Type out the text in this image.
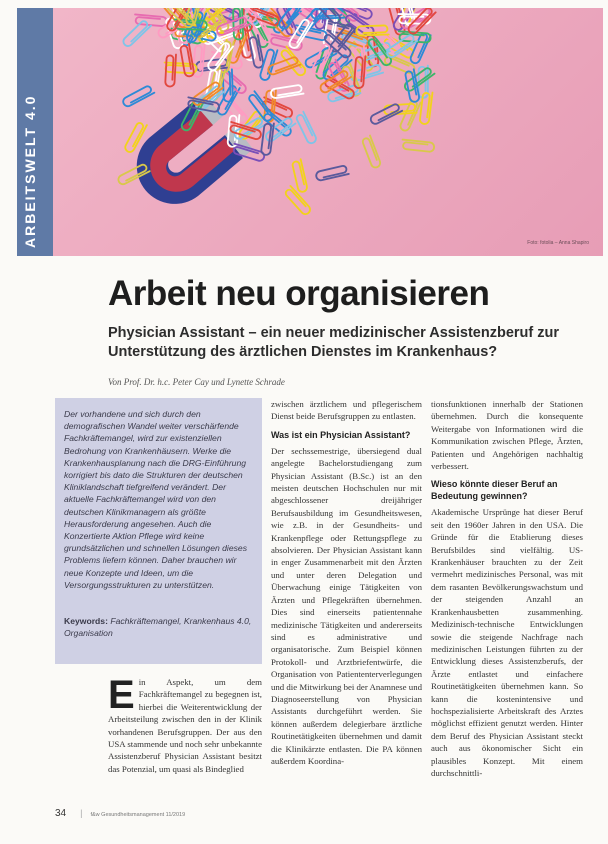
ARBEITSWELT 4.0	Foto: fotolia – Anna Shapiro
Arbeit neu organisieren
Physician Assistant – ein neuer medizinischer Assistenzberuf zur Unterstützung des ärztlichen Dienstes im Krankenhaus?
Von Prof. Dr. h.c. Peter Cay und Lynette Schrade
Der vorhandene und sich durch den demografischen Wandel weiter verschärfende Fachkräftemangel, wird zur existenziellen Bedrohung von Krankenhäusern. Werke die Krankenhausplanung nach die DRG-Einführung korrigiert bis dato die Strukturen der deutschen Kliniklandschaft tiefgreifend verändert. Der aktuelle Fachkräftemangel wird von den deutschen Klinikmanagern als größte Herausforderung angesehen. Auch die Konzertierte Aktion Pflege wird keine grundsätzlichen und schnellen Lösungen dieses Problems liefern können. Daher brauchen wir neue Konzepte und Ideen, um die Versorgungsstrukturen zu unterstützen.
Keywords: Fachkräftemangel, Krankenhaus 4.0, Organisation

Ein Aspekt, um dem Fachkräftemangel zu begegnen ist, hierbei die Weiterentwicklung der Arbeitsteilung zwischen den in der Klinik vorhandenen Berufsgruppen. Der aus den USA stammende und noch sehr unbekannte Assistenzberuf Physician Assistant besitzt das Potenzial, um quasi als Bindeglied

zwischen ärztlichem und pflegerischem Dienst beide Berufsgruppen zu entlasten.

Was ist ein Physician Assistant?

Der sechssemestrige, übersiegend dual angelegte Bachelorstudiengang zum Physician Assistant (B.Sc.) ist an den meisten deutschen Hochschulen nur mit abgeschlossener dreijähriger Berufsausbildung im Gesundheitswesen, wie z.B. in der Gesundheits- und Krankenpflege oder Rettungspflege zu absolvieren. Der Physician Assistant kann in enger Zusammenarbeit mit den Ärzten und unter deren Delegation und Überwachung einige Tätigkeiten von Ärzten und Pflegekräften übernehmen. Dies sind einerseits patientennahe medizinische Tätigkeiten und andererseits sind es administrative und organisatorische. Zum Beispiel können Protokoll- und Arztbriefentwürfe, die Organisation von Patiententerverlegungen und die Mitwirkung bei der Anamnese und Diagnoseerstellung von Physician Assistants durchgeführt werden. Sie können außerdem delegierbare ärztliche Routinetätigkeiten übernehmen und damit die Klinikärzte entlasten. Die PA können außerdem Koordina-

tionsfunktionen innerhalb der Stationen übernehmen. Durch die konsequente Weitergabe von Informationen wird die Kommunikation zwischen Pflege, Ärzten, Patienten und Angehörigen nachhaltig verbessert.

Wieso könnte dieser Beruf an Bedeutung gewinnen?

Akademische Ursprünge hat dieser Beruf seit den 1960er Jahren in den USA. Die Gründe für die Etablierung dieses Berufsbildes sind vielfältig. US-Krankenhäuser brauchten zu der Zeit vermehrt medizinisches Personal, was mit dem rasanten Bevölkerungswachstum und der steigenden Anzahl an Krankenhausbetten zusammenhing. Medizinisch-technische Entwicklungen sowie die steigende Nachfrage nach medizinischen Leistungen führten zu der Entwicklung dieses Assistenzberufs, der Ärzte entlastet und einfachere Routinetätigkeiten übernehmen kann. So kann die kostenintensive und hochspezialisierte Arbeitskraft des Arztes möglichst effizient genutzt werden. Hinter dem Beruf des Physician Assistant steckt auch aus ökonomischer Sicht ein plausibles Konzept. Mit einem durchschnittli-

34 | f&w Gesundheitsmanagement 11/2019
